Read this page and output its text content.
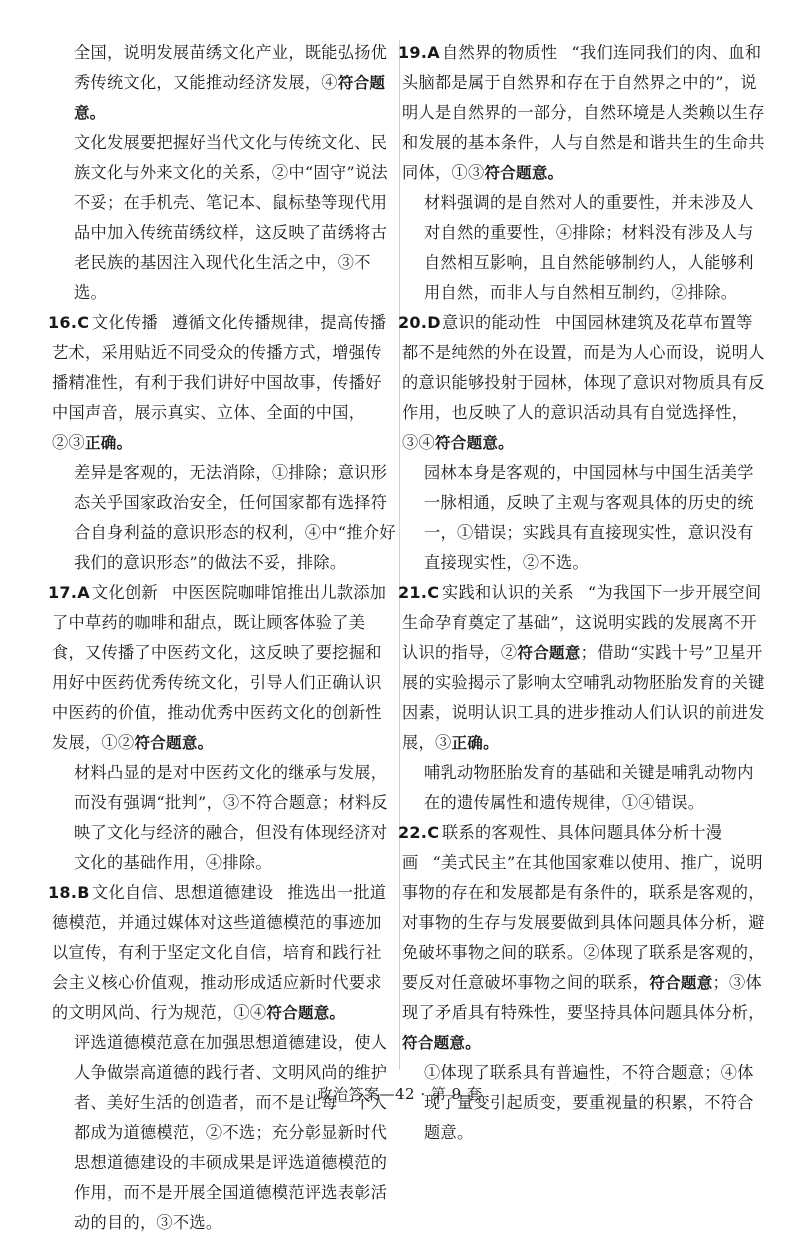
全国，说明发展苗绣文化产业，既能弘扬优秀传统文化，又能推动经济发展，④符合题意。

文化发展要把握好当代文化与传统文化、民族文化与外来文化的关系，②中“固守”说法不妥；在手机壳、笔记本、鼠标垫等现代用品中加入传统苗绣纹样，这反映了苗绣将古老民族的基因注入现代化生活之中，③不选。

16.C 文化传播 遵循文化传播规律，提高传播艺术，采用贴近不同受众的传播方式，增强传播精准性，有利于我们讲好中国故事，传播好中国声音，展示真实、立体、全面的中国，②③正确。

差异是客观的，无法消除，①排除；意识形态关乎国家政治安全，任何国家都有选择符合自身利益的意识形态的权利，④中“推介好我们的意识形态”的做法不妥，排除。

17.A 文化创新 中医医院咖啡馆推出儿款添加了中草药的咖啡和甜点，既让顾客体验了美食，又传播了中医药文化，这反映了要挖掘和用好中医药优秀传统文化，引导人们正确认识中医药的价值，推动优秀中医药文化的创新性发展，①②符合题意。

材料凸显的是对中医药文化的继承与发展，而没有强调“批判”，③不符合题意；材料反映了文化与经济的融合，但没有体现经济对文化的基础作用，④排除。

18.B 文化自信、思想道德建设 推选出一批道德模范，并通过媒体对这些道德模范的事迹加以宣传，有利于坚定文化自信，培育和践行社会主义核心价值观，推动形成适应新时代要求的文明风尚、行为规范，①④符合题意。

评选道德模范意在加强思想道德建设，使人人争做崇高道德的践行者、文明风尚的维护者、美好生活的创造者，而不是让每一个人都成为道德模范，②不选；充分彰显新时代思想道德建设的丰硕成果是评选道德模范的作用，而不是开展全国道德模范评选表彰活动的目的，③不选。

19.A 自然界的物质性 “我们连同我们的肉、血和头脑都是属于自然界和存在于自然界之中的”，说明人是自然界的一部分，自然环境是人类赖以生存和发展的基本条件，人与自然是和谐共生的生命共同体，①③符合题意。

材料强调的是自然对人的重要性，并未涉及人对自然的重要性，④排除；材料没有涉及人与自然相互影响，且自然能够制约人，人能够利用自然，而非人与自然相互制约，②排除。

20.D意识的能动性 中国园林建筑及花草布置等都不是纯然的外在设置，而是为人心而设，说明人的意识能够投射于园林，体现了意识对物质具有反作用，也反映了人的意识活动具有自觉选择性，③④符合题意。

园林本身是客观的，中国园林与中国生活美学一脉相通，反映了主观与客观具体的历史的统一，①错误；实践具有直接现实性，意识没有直接现实性，②不选。

21.C 实践和认识的关系 “为我国下一步开展空间生命孕育奠定了基础”，这说明实践的发展离不开认识的指导，②符合题意；借助“实践十号”卫星开展的实验揭示了影响太空哺乳动物胚胎发育的关键因素，说明认识工具的进步推动人们认识的前进发展，③正确。

哺乳动物胚胎发育的基础和关键是哺乳动物内在的遗传属性和遗传规律，①④错误。

22.C 联系的客观性、具体问题具体分析十漫画 “美式民主”在其他国家难以使用、推广，说明事物的存在和发展都是有条件的，联系是客观的，对事物的生存与发展要做到具体问题具体分析，避免破坏事物之间的联系。②体现了联系是客观的，要反对任意破坏事物之间的联系，符合题意；③体现了矛盾具有特殊性，要坚持具体问题具体分析，符合题意。

①体现了联系具有普遍性，不符合题意；④体现了量变引起质变，要重视量的积累，不符合题意。

政治答案—42 · 第 9 套
